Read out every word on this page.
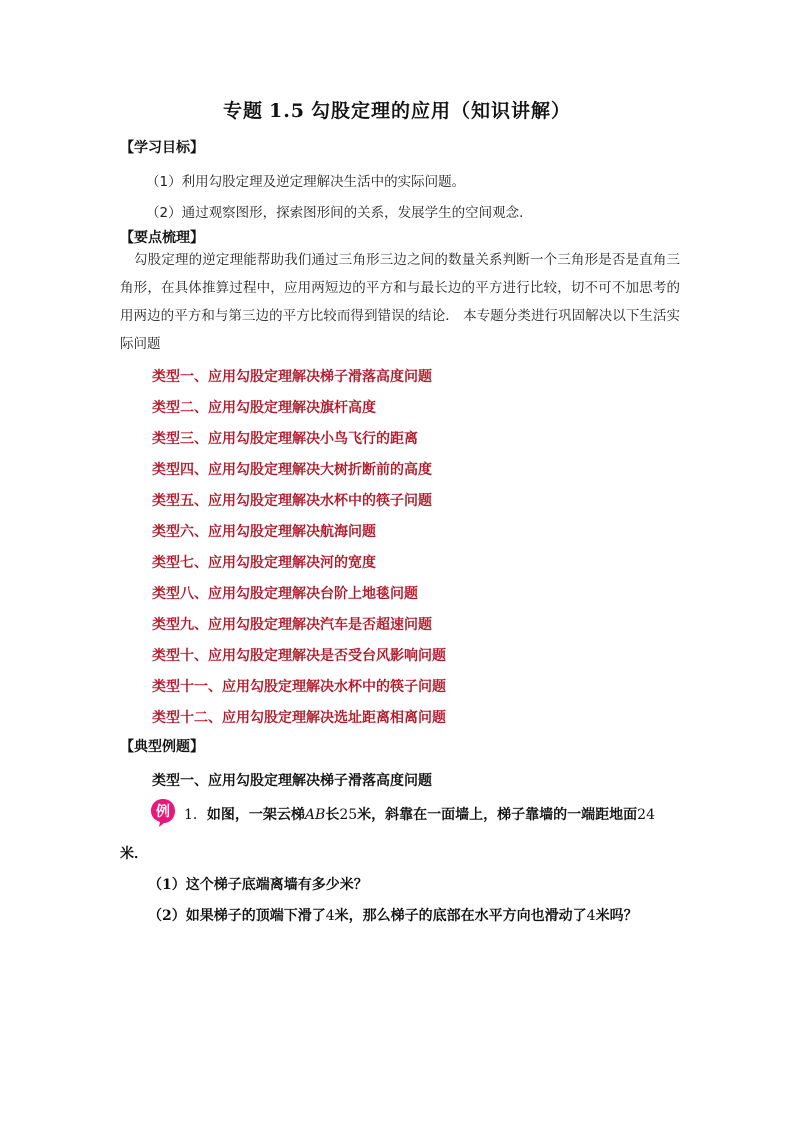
专题 1.5 勾股定理的应用（知识讲解）
【学习目标】
（1）利用勾股定理及逆定理解决生活中的实际问题。
（2）通过观察图形，探索图形间的关系，发展学生的空间观念．
【要点梳理】
勾股定理的逆定理能帮助我们通过三角形三边之间的数量关系判断一个三角形是否是直角三角形，在具体推算过程中，应用两短边的平方和与最长边的平方进行比较，切不可不加思考的用两边的平方和与第三边的平方比较而得到错误的结论． 本专题分类进行巩固解决以下生活实际问题
类型一、应用勾股定理解决梯子滑落高度问题
类型二、应用勾股定理解决旗杆高度
类型三、应用勾股定理解决小鸟飞行的距离
类型四、应用勾股定理解决大树折断前的高度
类型五、应用勾股定理解决水杯中的筷子问题
类型六、应用勾股定理解决航海问题
类型七、应用勾股定理解决河的宽度
类型八、应用勾股定理解决台阶上地毯问题
类型九、应用勾股定理解决汽车是否超速问题
类型十、应用勾股定理解决是否受台风影响问题
类型十一、应用勾股定理解决水杯中的筷子问题
类型十二、应用勾股定理解决选址距离相离问题
【典型例题】
类型一、应用勾股定理解决梯子滑落高度问题
例 1．如图，一架云梯AB长25米，斜靠在一面墙上，梯子靠墙的一端距地面24
米．
（1）这个梯子底端离墙有多少米？
（2）如果梯子的顶端下滑了4米，那么梯子的底部在水平方向也滑动了4米吗？
